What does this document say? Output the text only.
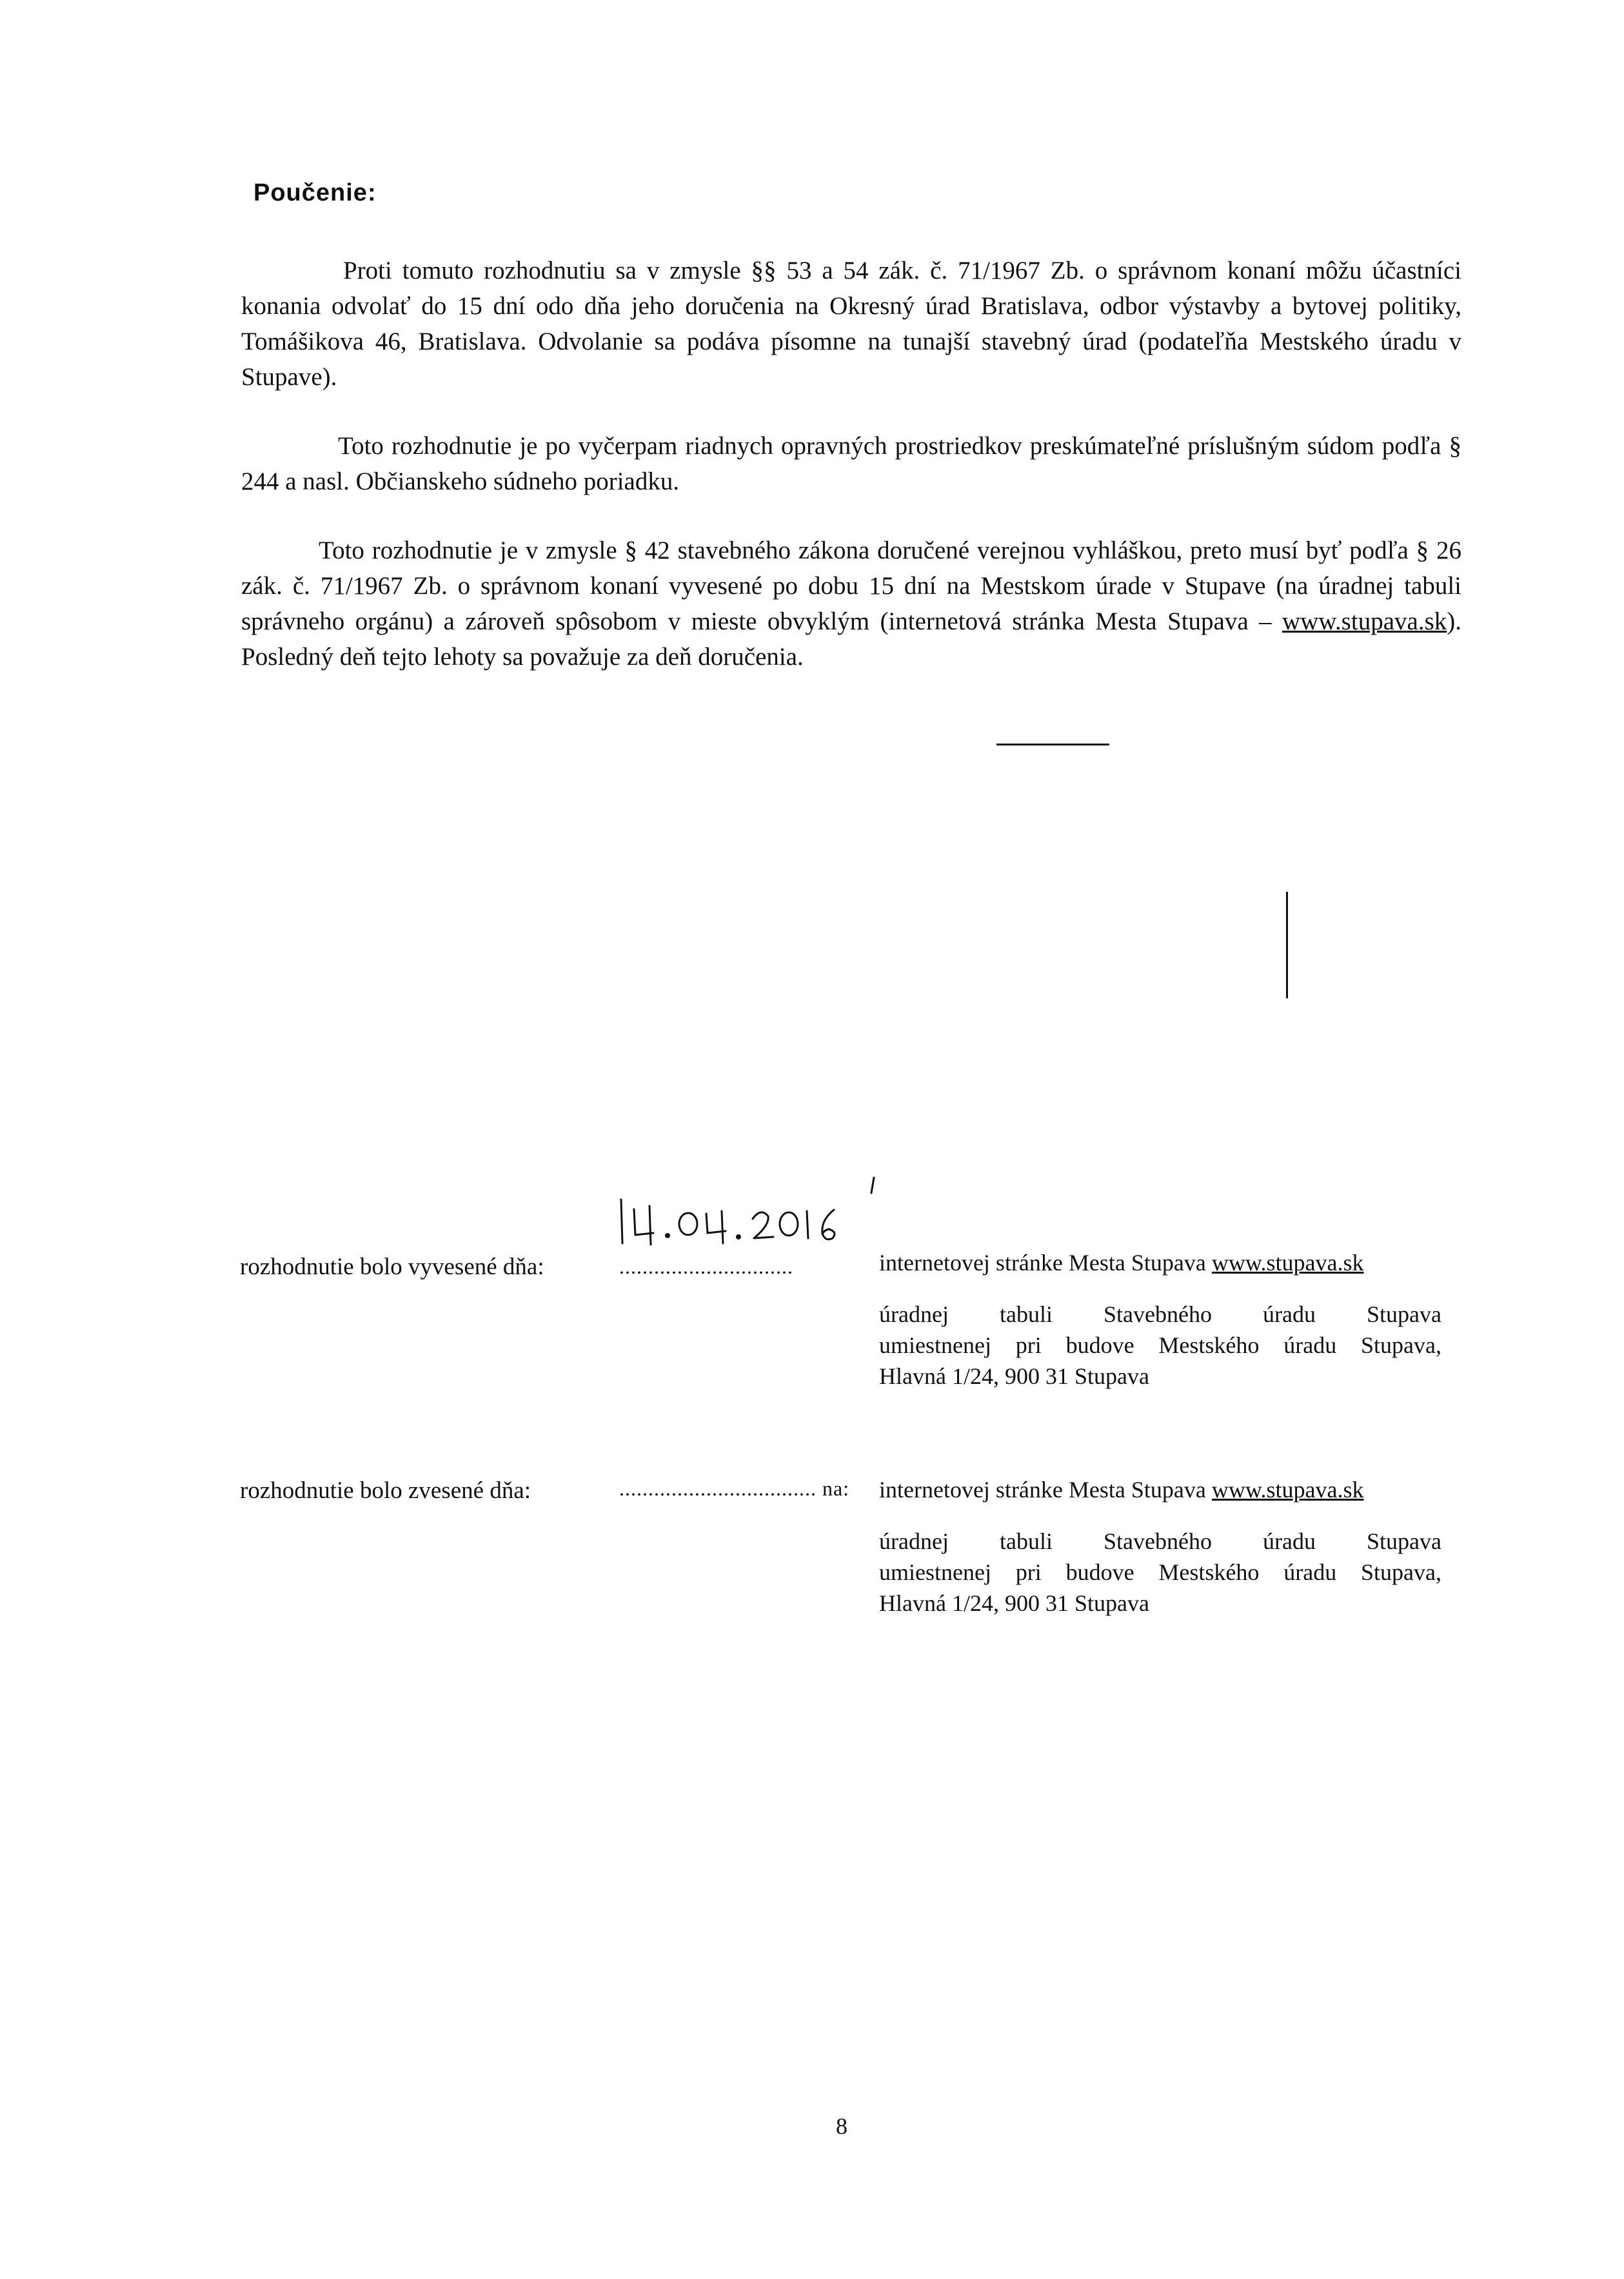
Poučenie:
Proti tomuto rozhodnutiu sa v zmysle §§ 53 a 54 zák. č. 71/1967 Zb. o správnom konaní môžu účastníci konania odvolať do 15 dní odo dňa jeho doručenia na Okresný úrad Bratislava, odbor výstavby a bytovej politiky, Tomášikova 46, Bratislava. Odvolanie sa podáva písomne na tunajší stavebný úrad (podateľňa Mestského úradu v Stupave).
Toto rozhodnutie je po vyčerpam riadnych opravných prostriedkov preskúmateľné príslušným súdom podľa § 244 a nasl. Občianskeho súdneho poriadku.
Toto rozhodnutie je v zmysle § 42 stavebného zákona doručené verejnou vyhláškou, preto musí byť podľa § 26 zák. č. 71/1967 Zb. o správnom konaní vyvesené po dobu 15 dní na Mestskom úrade v Stupave (na úradnej tabuli správneho orgánu) a zároveň spôsobom v mieste obvyklým (internetová stránka Mesta Stupava – www.stupava.sk). Posledný deň tejto lehoty sa považuje za deň doručenia.
rozhodnutie bolo vyvesené dňa:	..............................	internetovej stránke Mesta Stupava www.stupava.sk
úradnej tabuli Stavebného úradu Stupava
umiestnenej pri budove Mestského úradu Stupava,
Hlavná 1/24, 900 31 Stupava
rozhodnutie bolo zvesené dňa:	.................................. na: internetovej stránke Mesta Stupava www.stupava.sk
úradnej tabuli Stavebného úradu Stupava
umiestnenej pri budove Mestského úradu Stupava,
Hlavná 1/24, 900 31 Stupava
8
